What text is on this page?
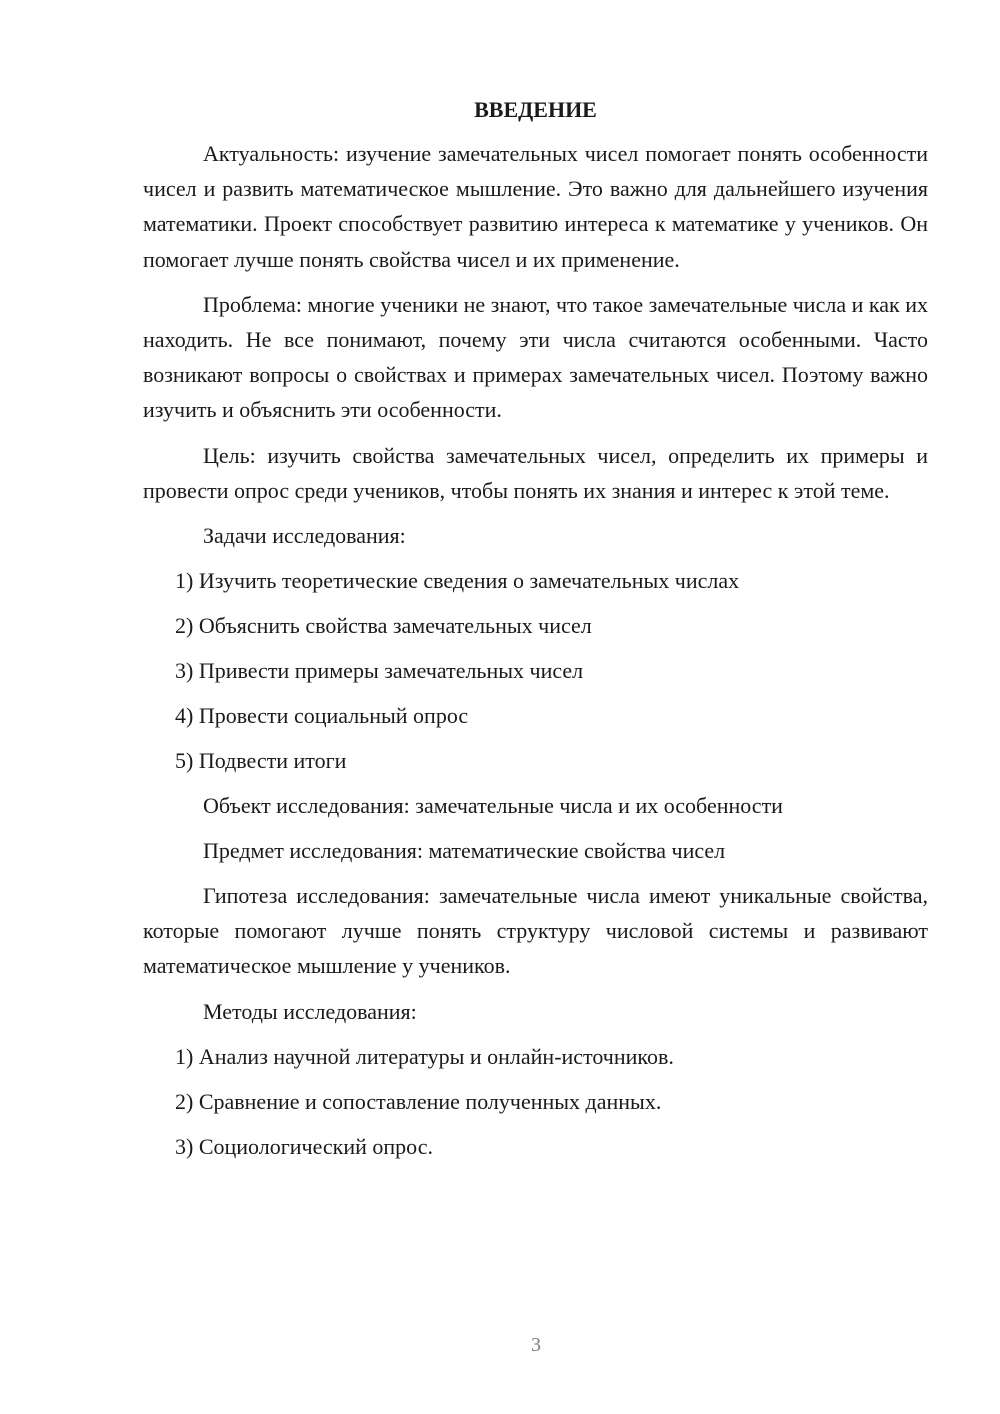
ВВЕДЕНИЕ

Актуальность: изучение замечательных чисел помогает понять особенности чисел и развить математическое мышление. Это важно для дальнейшего изучения математики. Проект способствует развитию интереса к математике у учеников. Он помогает лучше понять свойства чисел и их применение.

Проблема: многие ученики не знают, что такое замечательные числа и как их находить. Не все понимают, почему эти числа считаются особенными. Часто возникают вопросы о свойствах и примерах замечательных чисел. Поэтому важно изучить и объяснить эти особенности.

Цель: изучить свойства замечательных чисел, определить их примеры и провести опрос среди учеников, чтобы понять их знания и интерес к этой теме.

Задачи исследования:

1) Изучить теоретические сведения о замечательных числах

2) Объяснить свойства замечательных чисел

3) Привести примеры замечательных чисел

4) Провести социальный опрос

5) Подвести итоги

Объект исследования: замечательные числа и их особенности

Предмет исследования: математические свойства чисел

Гипотеза исследования: замечательные числа имеют уникальные свойства, которые помогают лучше понять структуру числовой системы и развивают математическое мышление у учеников.

Методы исследования:

1) Анализ научной литературы и онлайн-источников.

2) Сравнение и сопоставление полученных данных.

3) Социологический опрос.

3
